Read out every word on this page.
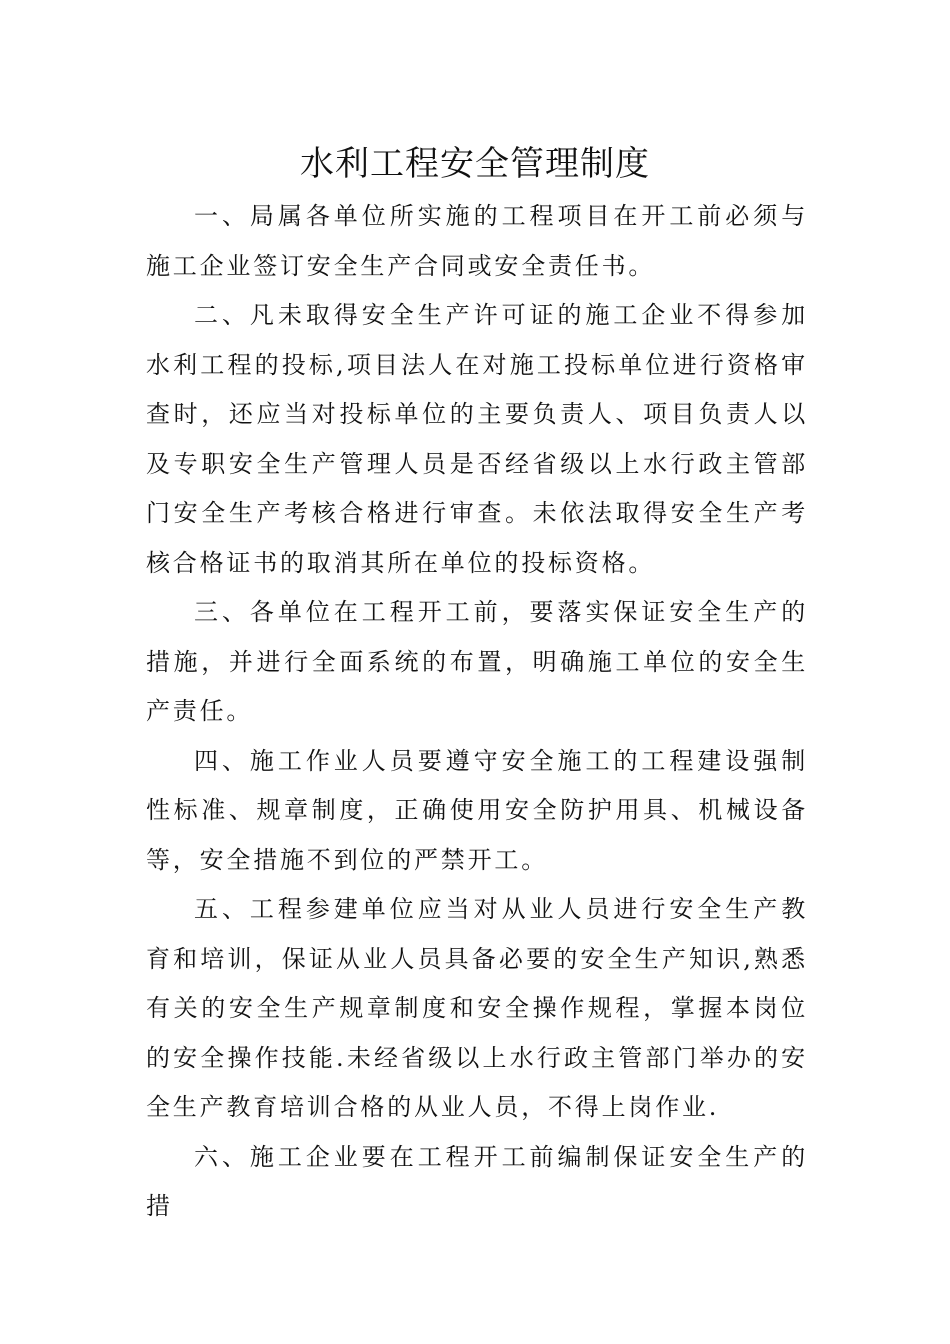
水利工程安全管理制度

一、局属各单位所实施的工程项目在开工前必须与施工企业签订安全生产合同或安全责任书。

二、凡未取得安全生产许可证的施工企业不得参加水利工程的投标,项目法人在对施工投标单位进行资格审查时，还应当对投标单位的主要负责人、项目负责人以及专职安全生产管理人员是否经省级以上水行政主管部门安全生产考核合格进行审查。未依法取得安全生产考核合格证书的取消其所在单位的投标资格。

三、各单位在工程开工前，要落实保证安全生产的措施，并进行全面系统的布置，明确施工单位的安全生产责任。

四、施工作业人员要遵守安全施工的工程建设强制性标准、规章制度，正确使用安全防护用具、机械设备等，安全措施不到位的严禁开工。

五、工程参建单位应当对从业人员进行安全生产教育和培训，保证从业人员具备必要的安全生产知识,熟悉有关的安全生产规章制度和安全操作规程，掌握本岗位的安全操作技能.未经省级以上水行政主管部门举办的安全生产教育培训合格的从业人员，不得上岗作业.

六、施工企业要在工程开工前编制保证安全生产的措
